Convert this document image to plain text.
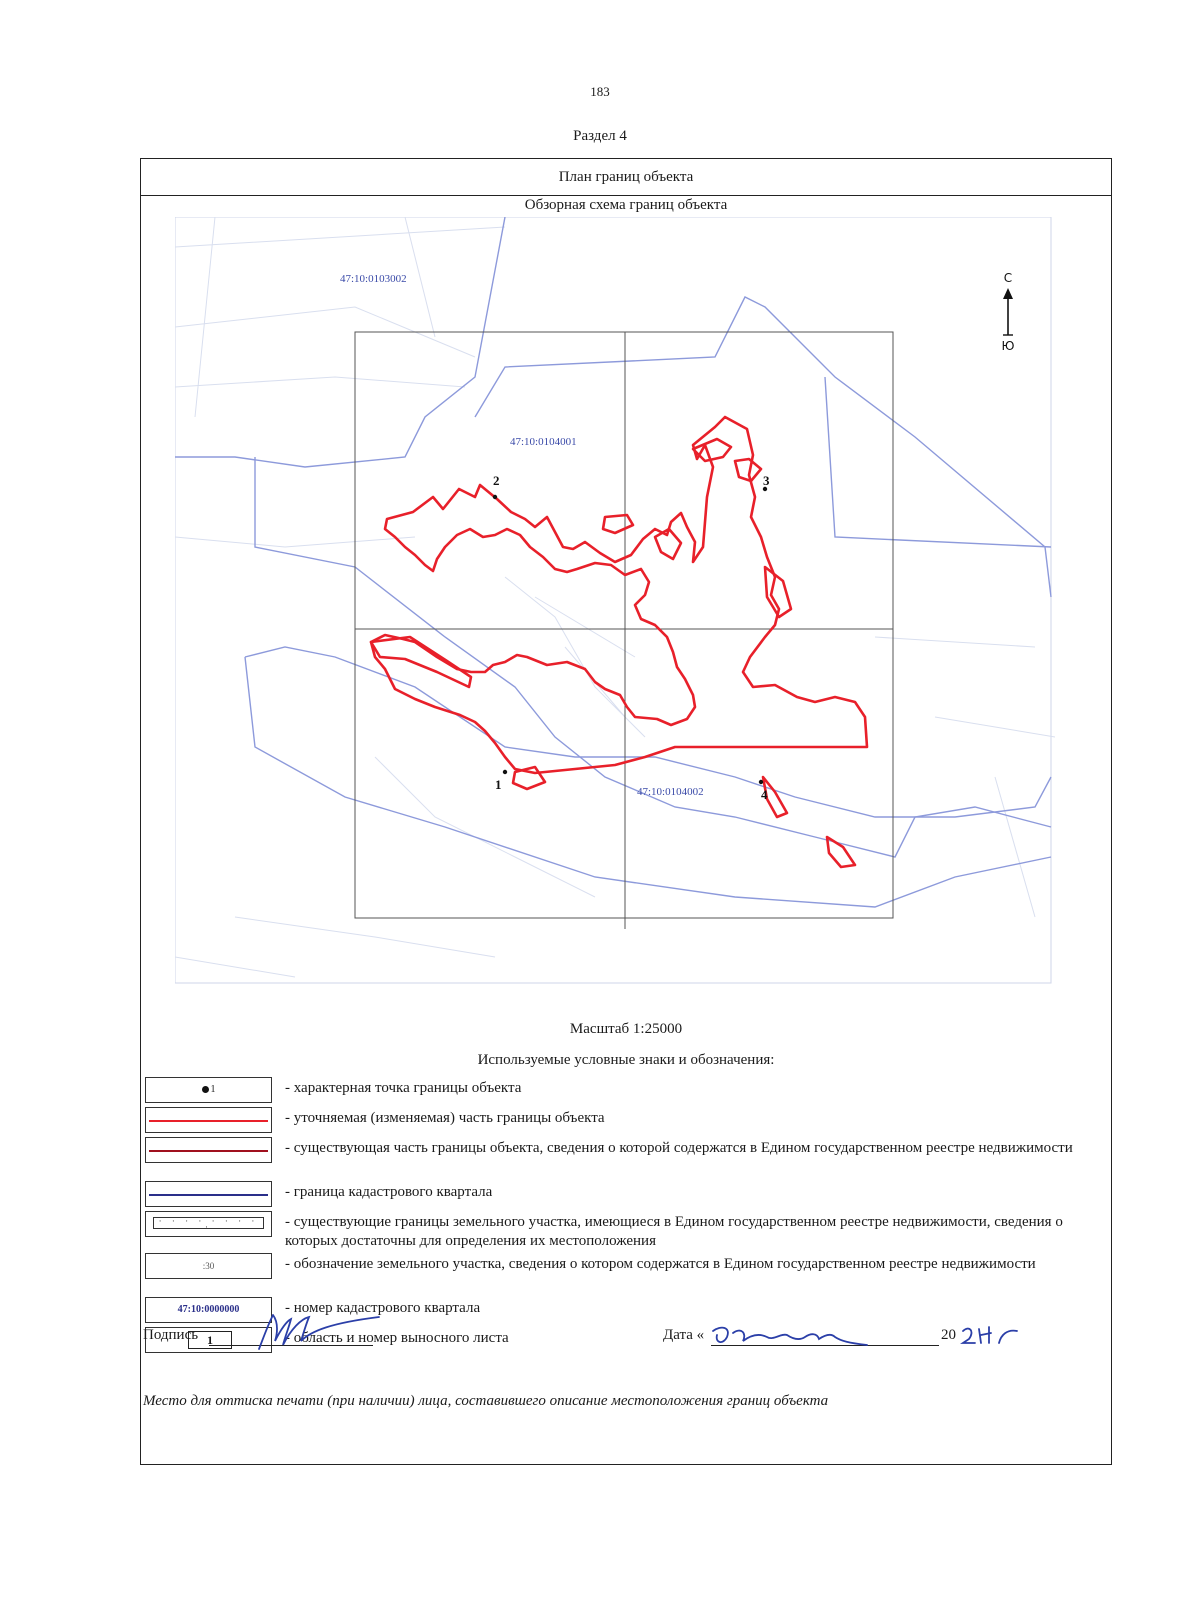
183
Раздел 4
План границ объекта
Обзорная схема границ объекта
1
2	3
4
47:10:0103002
47:10:0104001
47:10:0104002
С
Ю
Масштаб 1:25000
Используемые условные знаки и обозначения:
1	- характерная точка границы объекта
- уточняемая (изменяемая) часть границы объекта
- существующая часть границы объекта, сведения о которой содержатся в Едином государственном реестре недвижимости
- граница кадастрового квартала
· · · · · · · · ·	- существующие границы земельного участка, имеющиеся в Едином государственном реестре недвижимости, сведения о которых достаточны для определения их местоположения
:30	- обозначение земельного участка, сведения о котором содержатся в Едином государственном реестре недвижимости
47:10:0000000	- номер кадастрового квартала
1	- область и номер выносного листа
Подпись	Дата «	20
Место для оттиска печати (при наличии) лица, составившего описание местоположения границ объекта
